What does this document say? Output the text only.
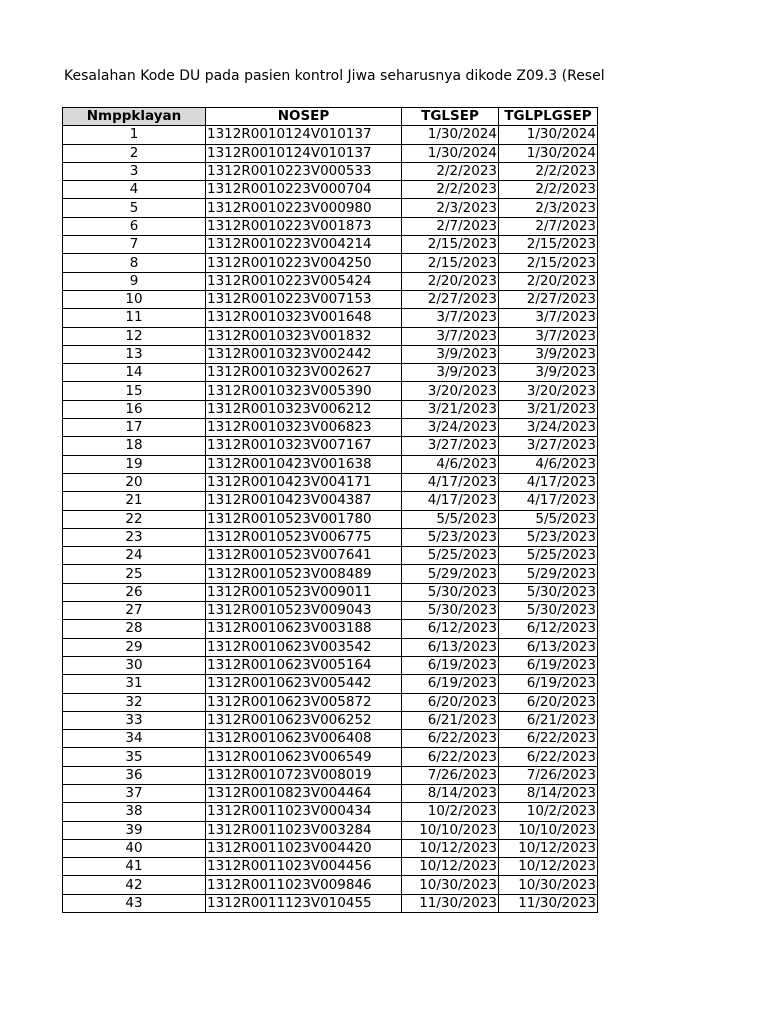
Kesalahan Kode DU pada pasien kontrol Jiwa seharusnya dikode Z09.3 (Resel
Nmppklayan	NOSEP	TGLSEP	TGLPLGSEP
1	1312R0010124V010137	1/30/2024	1/30/2024
2	1312R0010124V010137	1/30/2024	1/30/2024
3	1312R0010223V000533	2/2/2023	2/2/2023
4	1312R0010223V000704	2/2/2023	2/2/2023
5	1312R0010223V000980	2/3/2023	2/3/2023
6	1312R0010223V001873	2/7/2023	2/7/2023
7	1312R0010223V004214	2/15/2023	2/15/2023
8	1312R0010223V004250	2/15/2023	2/15/2023
9	1312R0010223V005424	2/20/2023	2/20/2023
10	1312R0010223V007153	2/27/2023	2/27/2023
11	1312R0010323V001648	3/7/2023	3/7/2023
12	1312R0010323V001832	3/7/2023	3/7/2023
13	1312R0010323V002442	3/9/2023	3/9/2023
14	1312R0010323V002627	3/9/2023	3/9/2023
15	1312R0010323V005390	3/20/2023	3/20/2023
16	1312R0010323V006212	3/21/2023	3/21/2023
17	1312R0010323V006823	3/24/2023	3/24/2023
18	1312R0010323V007167	3/27/2023	3/27/2023
19	1312R0010423V001638	4/6/2023	4/6/2023
20	1312R0010423V004171	4/17/2023	4/17/2023
21	1312R0010423V004387	4/17/2023	4/17/2023
22	1312R0010523V001780	5/5/2023	5/5/2023
23	1312R0010523V006775	5/23/2023	5/23/2023
24	1312R0010523V007641	5/25/2023	5/25/2023
25	1312R0010523V008489	5/29/2023	5/29/2023
26	1312R0010523V009011	5/30/2023	5/30/2023
27	1312R0010523V009043	5/30/2023	5/30/2023
28	1312R0010623V003188	6/12/2023	6/12/2023
29	1312R0010623V003542	6/13/2023	6/13/2023
30	1312R0010623V005164	6/19/2023	6/19/2023
31	1312R0010623V005442	6/19/2023	6/19/2023
32	1312R0010623V005872	6/20/2023	6/20/2023
33	1312R0010623V006252	6/21/2023	6/21/2023
34	1312R0010623V006408	6/22/2023	6/22/2023
35	1312R0010623V006549	6/22/2023	6/22/2023
36	1312R0010723V008019	7/26/2023	7/26/2023
37	1312R0010823V004464	8/14/2023	8/14/2023
38	1312R0011023V000434	10/2/2023	10/2/2023
39	1312R0011023V003284	10/10/2023	10/10/2023
40	1312R0011023V004420	10/12/2023	10/12/2023
41	1312R0011023V004456	10/12/2023	10/12/2023
42	1312R0011023V009846	10/30/2023	10/30/2023
43	1312R0011123V010455	11/30/2023	11/30/2023
